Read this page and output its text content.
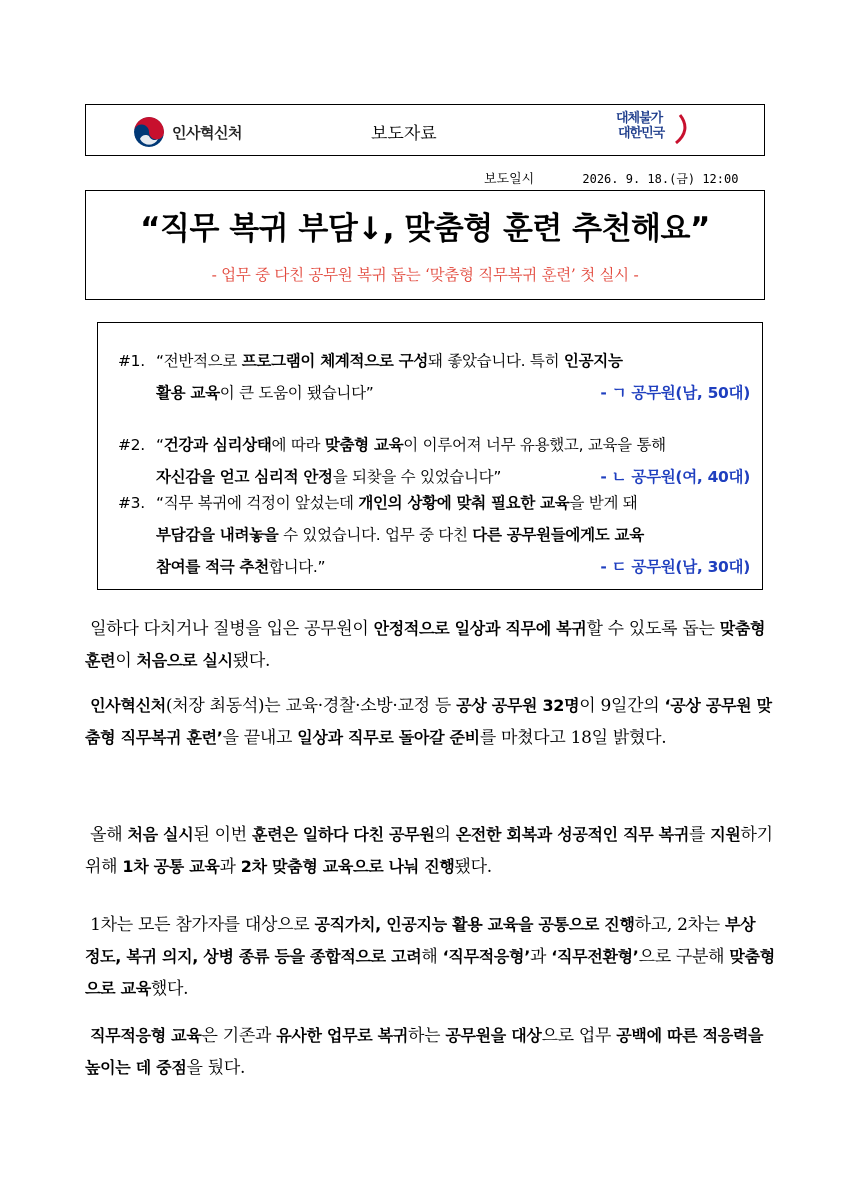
인사혁신처	보도자료
대체불가
대한민국
보도일시	2026. 9. 18.(금) 12:00
“직무 복귀 부담↓, 맞춤형 훈련 추천해요”
- 업무 중 다친 공무원 복귀 돕는 ‘맞춤형 직무복귀 훈련’ 첫 실시 -
#1. “전반적으로 프로그램이 체계적으로 구성돼 좋았습니다. 특히 인공지능
활용 교육이 큰 도움이 됐습니다”	- ㄱ 공무원(남, 50대)
#2. “건강과 심리상태에 따라 맞춤형 교육이 이루어져 너무 유용했고, 교육을 통해
자신감을 얻고 심리적 안정을 되찾을 수 있었습니다”	- ㄴ 공무원(여, 40대)
#3. “직무 복귀에 걱정이 앞섰는데 개인의 상황에 맞춰 필요한 교육을 받게 돼
부담감을 내려놓을 수 있었습니다. 업무 중 다친 다른 공무원들에게도 교육
참여를 적극 추천합니다.”	- ㄷ 공무원(남, 30대)

일하다 다치거나 질병을 입은 공무원이 안정적으로 일상과 직무에 복귀할 수 있도록 돕는 맞춤형 훈련이 처음으로 실시됐다.

인사혁신처(처장 최동석)는 교육·경찰·소방·교정 등 공상 공무원 32명이 9일간의 ‘공상 공무원 맞춤형 직무복귀 훈련’을 끝내고 일상과 직무로 돌아갈 준비를 마쳤다고 18일 밝혔다.

올해 처음 실시된 이번 훈련은 일하다 다친 공무원의 온전한 회복과 성공적인 직무 복귀를 지원하기 위해 1차 공통 교육과 2차 맞춤형 교육으로 나눠 진행됐다.

1차는 모든 참가자를 대상으로 공직가치, 인공지능 활용 교육을 공통으로 진행하고, 2차는 부상 정도, 복귀 의지, 상병 종류 등을 종합적으로 고려해 ‘직무적응형’과 ‘직무전환형’으로 구분해 맞춤형으로 교육했다.

직무적응형 교육은 기존과 유사한 업무로 복귀하는 공무원을 대상으로 업무 공백에 따른 적응력을 높이는 데 중점을 뒀다.
